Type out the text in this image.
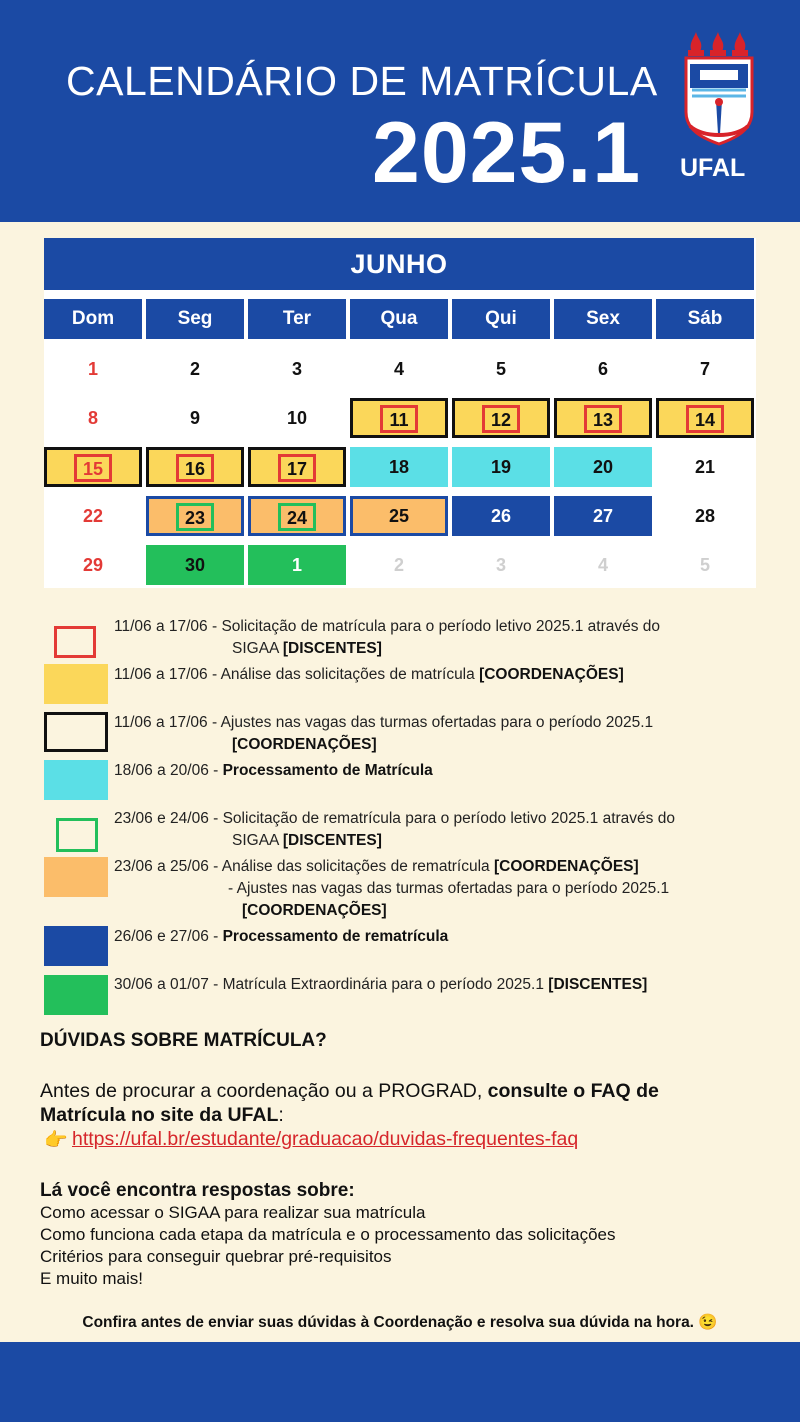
CALENDÁRIO DE MATRÍCULA
2025.1 UFAL
JUNHO
Dom	Seg	Ter	Qua	Qui	Sex	Sáb
1	2	3	4	5	6	7
8	9	10	11	12	13	14
15	16	17	18	19	20	21
22	23	24	25	26	27	28
29	30	1	2	3	4	5
11/06 a 17/06 - Solicitação de matrícula para o período letivo 2025.1 através do
SIGAA [DISCENTES]
11/06 a 17/06 - Análise das solicitações de matrícula [COORDENAÇÕES]
11/06 a 17/06 - Ajustes nas vagas das turmas ofertadas para o período 2025.1
[COORDENAÇÕES]
18/06 a 20/06 - Processamento de Matrícula
23/06 e 24/06 - Solicitação de rematrícula para o período letivo 2025.1 através do
SIGAA [DISCENTES]
23/06 a 25/06 - Análise das solicitações de rematrícula [COORDENAÇÕES]
- Ajustes nas vagas das turmas ofertadas para o período 2025.1
[COORDENAÇÕES]
26/06 e 27/06 - Processamento de rematrícula
30/06 a 01/07 - Matrícula Extraordinária para o período 2025.1 [DISCENTES]
DÚVIDAS SOBRE MATRÍCULA?
Antes de procurar a coordenação ou a PROGRAD, consulte o FAQ de
Matrícula no site da UFAL:
👉 https://ufal.br/estudante/graduacao/duvidas-frequentes-faq
Lá você encontra respostas sobre:
Como acessar o SIGAA para realizar sua matrícula
Como funciona cada etapa da matrícula e o processamento das solicitações
Critérios para conseguir quebrar pré-requisitos
E muito mais!
Confira antes de enviar suas dúvidas à Coordenação e resolva sua dúvida na hora. 😉
